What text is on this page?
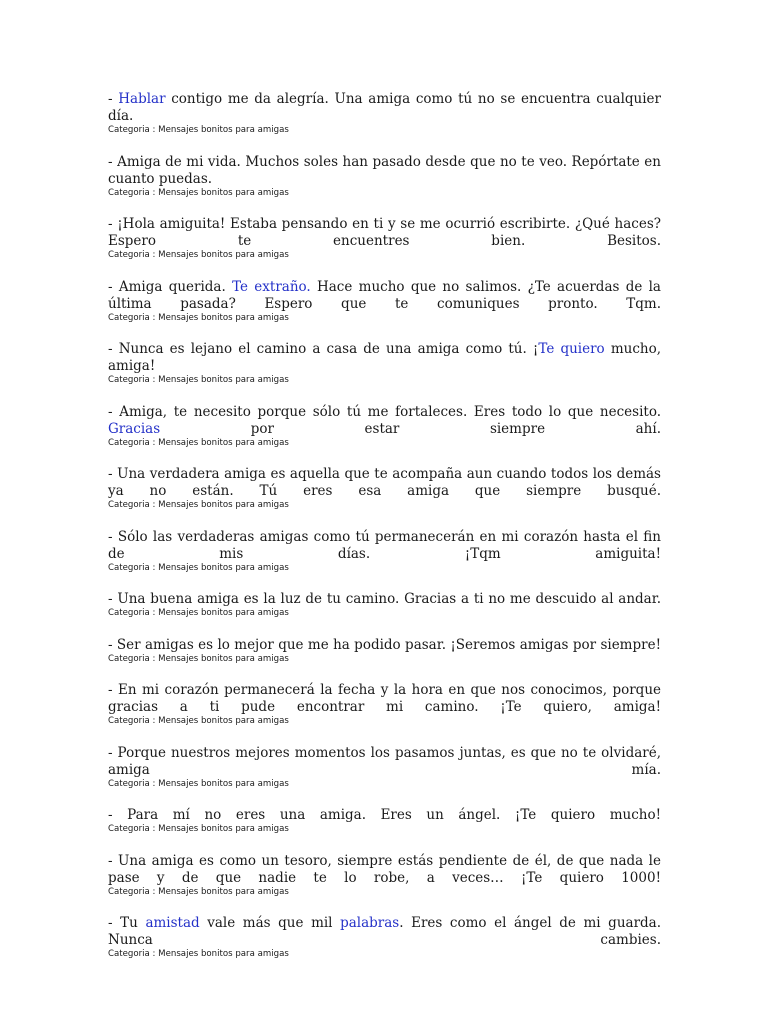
- Hablar contigo me da alegría. Una amiga como tú no se encuentra cualquier día.

Categoria : Mensajes bonitos para amigas

- Amiga de mi vida. Muchos soles han pasado desde que no te veo. Repórtate en cuanto puedas.

Categoria : Mensajes bonitos para amigas

- ¡Hola amiguita! Estaba pensando en ti y se me ocurrió escribirte. ¿Qué haces? Espero te encuentres bien. Besitos.

Categoria : Mensajes bonitos para amigas

- Amiga querida. Te extraño. Hace mucho que no salimos. ¿Te acuerdas de la última pasada? Espero que te comuniques pronto. Tqm.

Categoria : Mensajes bonitos para amigas

- Nunca es lejano el camino a casa de una amiga como tú. ¡Te quiero mucho, amiga!

Categoria : Mensajes bonitos para amigas

- Amiga, te necesito porque sólo tú me fortaleces. Eres todo lo que necesito. Gracias por estar siempre ahí.

Categoria : Mensajes bonitos para amigas

- Una verdadera amiga es aquella que te acompaña aun cuando todos los demás ya no están. Tú eres esa amiga que siempre busqué.

Categoria : Mensajes bonitos para amigas

- Sólo las verdaderas amigas como tú permanecerán en mi corazón hasta el fin de mis días. ¡Tqm amiguita!

Categoria : Mensajes bonitos para amigas

- Una buena amiga es la luz de tu camino. Gracias a ti no me descuido al andar.

Categoria : Mensajes bonitos para amigas

- Ser amigas es lo mejor que me ha podido pasar. ¡Seremos amigas por siempre!

Categoria : Mensajes bonitos para amigas

- En mi corazón permanecerá la fecha y la hora en que nos conocimos, porque gracias a ti pude encontrar mi camino. ¡Te quiero, amiga!

Categoria : Mensajes bonitos para amigas

- Porque nuestros mejores momentos los pasamos juntas, es que no te olvidaré, amiga mía.

Categoria : Mensajes bonitos para amigas

- Para mí no eres una amiga. Eres un ángel. ¡Te quiero mucho!

Categoria : Mensajes bonitos para amigas

- Una amiga es como un tesoro, siempre estás pendiente de él, de que nada le pase y de que nadie te lo robe, a veces… ¡Te quiero 1000!

Categoria : Mensajes bonitos para amigas

- Tu amistad vale más que mil palabras. Eres como el ángel de mi guarda. Nunca cambies.

Categoria : Mensajes bonitos para amigas
